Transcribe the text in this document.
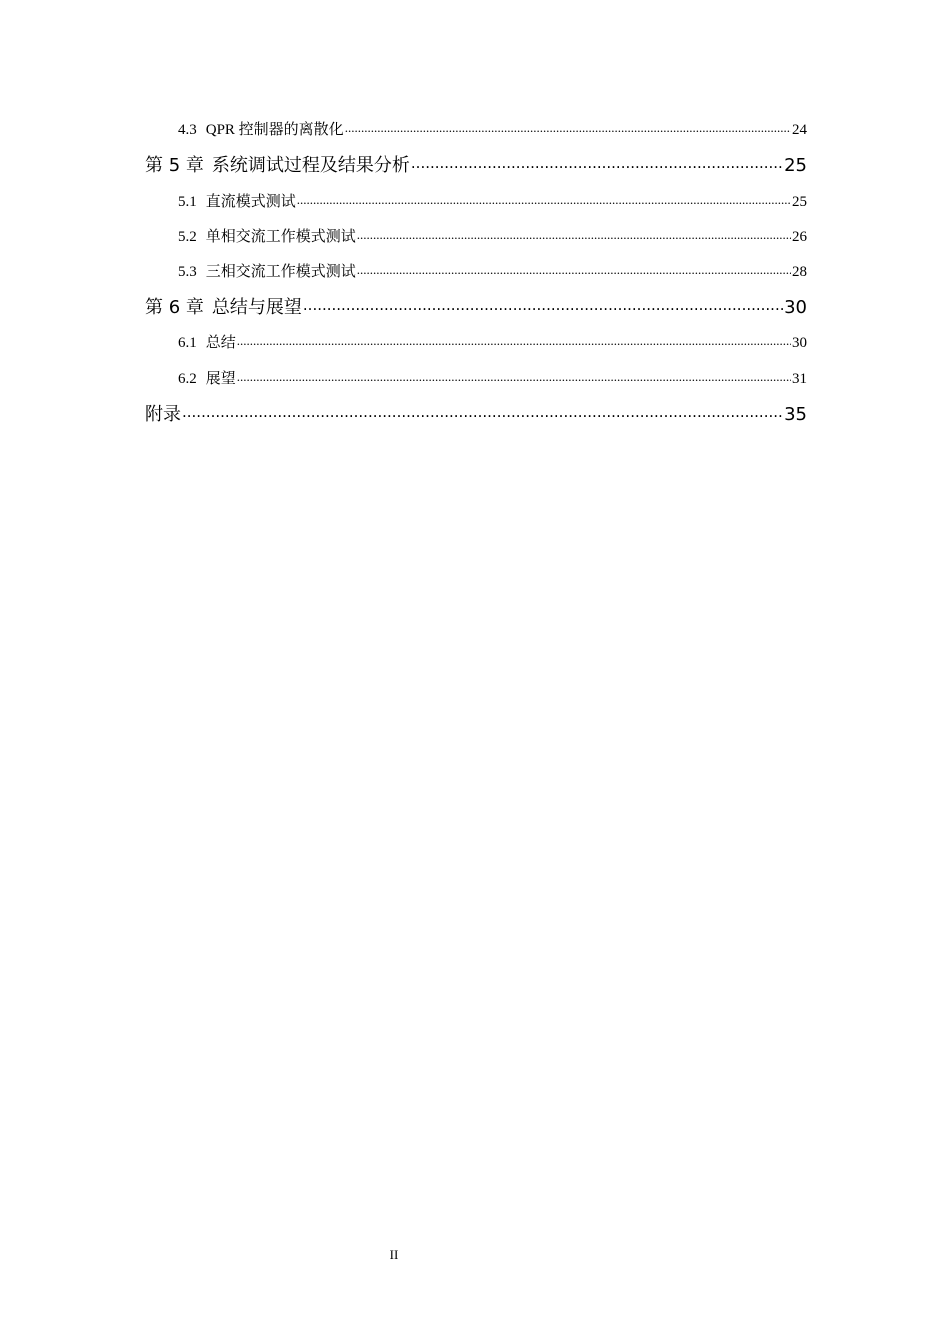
4.3 QPR 控制器的离散化 .....	24
第 5 章 系统调试过程及结果分析 .....	25
5.1 直流模式测试 .....	25
5.2 单相交流工作模式测试 .....	26
5.3 三相交流工作模式测试 .....	28
第 6 章 总结与展望 .....	30
6.1 总结 .....	30
6.2 展望 .....	31
附录 .....	35
II
